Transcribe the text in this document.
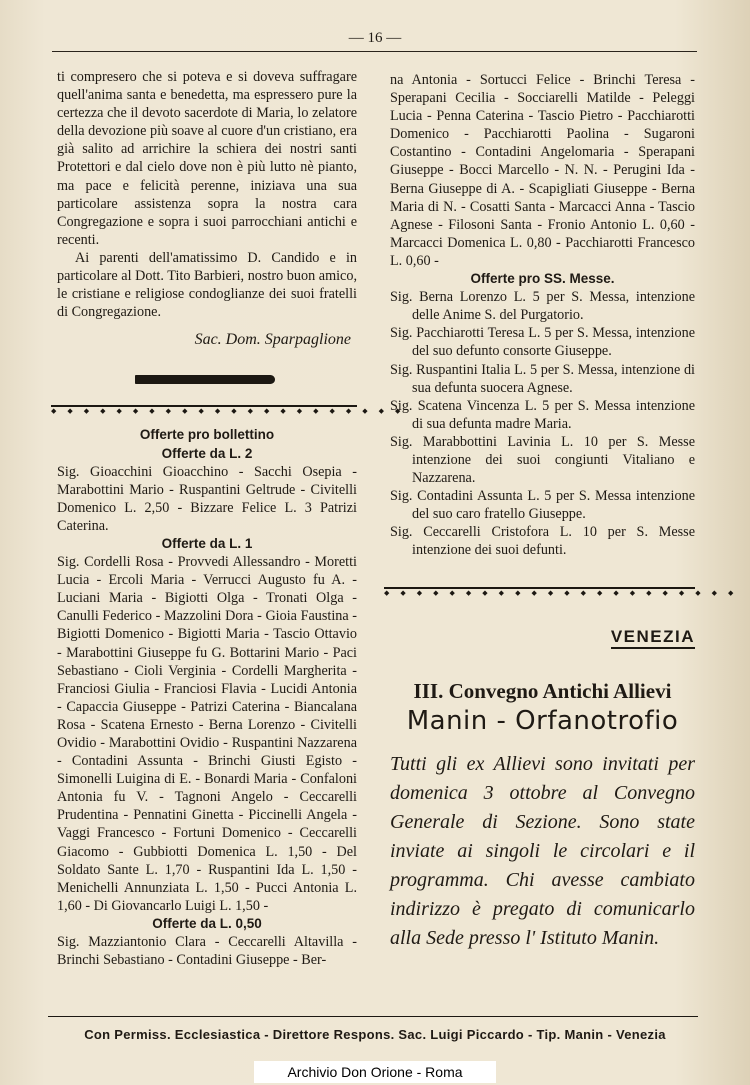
— 16 —

ti compresero che si poteva e si doveva suffragare quell'anima santa e benedetta, ma espressero pure la certezza che il devoto sacerdote di Maria, lo zelatore della devozione più soave al cuore d'un cristiano, era già salito ad arrichire la schiera dei nostri santi Protettori e dal cielo dove non è più lutto nè pianto, ma pace e felicità perenne, iniziava una sua particolare assistenza sopra la nostra cara Congregazione e sopra i suoi parrocchiani antichi e recenti.

Ai parenti dell'amatissimo D. Candido e in particolare al Dott. Tito Barbieri, nostro buon amico, le cristiane e religiose condoglianze dei suoi fratelli di Congregazione.

Sac. Dom. Sparpaglione

◆◆◆◆◆◆◆◆◆◆◆◆◆◆◆◆◆◆◆◆◆◆

Offerte pro bollettino

Offerte da L. 2

Sig. Gioacchini Gioacchino - Sacchi Osepia - Marabottini Mario - Ruspantini Geltrude - Civitelli Domenico L. 2,50 - Bizzare Felice L. 3 Patrizi Caterina.

Offerte da L. 1

Sig. Cordelli Rosa - Provvedi Allessandro - Moretti Lucia - Ercoli Maria - Verrucci Augusto fu A. - Luciani Maria - Bigiotti Olga - Tronati Olga - Canulli Federico - Mazzolini Dora - Gioia Faustina - Bigiotti Domenico - Bigiotti Maria - Tascio Ottavio - Marabottini Giuseppe fu G. Bottarini Mario - Paci Sebastiano - Cioli Verginia - Cordelli Margherita - Franciosi Giulia - Franciosi Flavia - Lucidi Antonia - Capaccia Giuseppe - Patrizi Caterina - Biancalana Rosa - Scatena Ernesto - Berna Lorenzo - Civitelli Ovidio - Marabottini Ovidio - Ruspantini Nazzarena - Contadini Assunta - Brinchi Giusti Egisto - Simonelli Luigina di E. - Bonardi Maria - Confaloni Antonia fu V. - Tagnoni Angelo - Ceccarelli Prudentina - Pennatini Ginetta - Piccinelli Angela - Vaggi Francesco - Fortuni Domenico - Ceccarelli Giacomo - Gubbiotti Domenica L. 1,50 - Del Soldato Sante L. 1,70 - Ruspantini Ida L. 1,50 - Menichelli Annunziata L. 1,50 - Pucci Antonia L. 1,60 - Di Giovancarlo Luigi L. 1,50 -

Offerte da L. 0,50

Sig. Mazziantonio Clara - Ceccarelli Altavilla - Brinchi Sebastiano - Contadini Giuseppe - Ber-

na Antonia - Sortucci Felice - Brinchi Teresa - Sperapani Cecilia - Socciarelli Matilde - Peleggi Lucia - Penna Caterina - Tascio Pietro - Pacchiarotti Domenico - Pacchiarotti Paolina - Sugaroni Costantino - Contadini Angelomaria - Sperapani Giuseppe - Bocci Marcello - N. N. - Perugini Ida - Berna Giuseppe di A. - Scapigliati Giuseppe - Berna Maria di N. - Cosatti Santa - Marcacci Anna - Tascio Agnese - Filosoni Santa - Fronio Antonio L. 0,60 - Marcacci Domenica L. 0,80 - Pacchiarotti Francesco L. 0,60 -

Offerte pro SS. Messe.

Sig. Berna Lorenzo L. 5 per S. Messa, intenzione delle Anime S. del Purgatorio.

Sig. Pacchiarotti Teresa L. 5 per S. Messa, intenzione del suo defunto consorte Giuseppe.

Sig. Ruspantini Italia L. 5 per S. Messa, intenzione di sua defunta suocera Agnese.

Sig. Scatena Vincenza L. 5 per S. Messa intenzione di sua defunta madre Maria.

Sig. Marabbottini Lavinia L. 10 per S. Messe intenzione dei suoi congiunti Vitaliano e Nazzarena.

Sig. Contadini Assunta L. 5 per S. Messa intenzione del suo caro fratello Giuseppe.

Sig. Ceccarelli Cristofora L. 10 per S. Messe intenzione dei suoi defunti.

◆◆◆◆◆◆◆◆◆◆◆◆◆◆◆◆◆◆◆◆◆◆

VENEZIA

III. Convegno Antichi Allievi

Manin - Orfanotrofio

Tutti gli ex Allievi sono invitati per domenica 3 ottobre al Convegno Generale di Sezione. Sono state inviate ai singoli le circolari e il programma. Chi avesse cambiato indirizzo è pregato di comunicarlo alla Sede presso l' Istituto Manin.

Con Permiss. Ecclesiastica - Direttore Respons. Sac. Luigi Piccardo - Tip. Manin - Venezia
Archivio Don Orione - Roma
